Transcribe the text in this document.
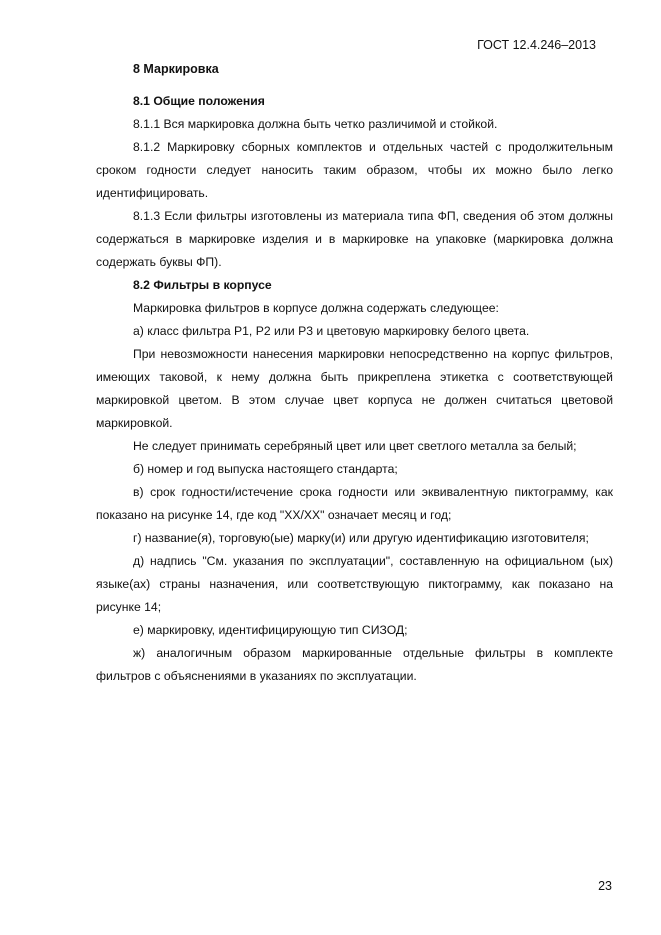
ГОСТ 12.4.246–2013
8 Маркировка
8.1 Общие положения

8.1.1 Вся маркировка должна быть четко различимой и стойкой.

8.1.2 Маркировку сборных комплектов и отдельных частей с продолжительным сроком годности следует наносить таким образом, чтобы их можно было легко идентифицировать.

8.1.3 Если фильтры изготовлены из материала типа ФП, сведения об этом должны содержаться в маркировке изделия и в маркировке на упаковке (маркировка должна содержать буквы ФП).

8.2 Фильтры в корпусе

Маркировка фильтров в корпусе должна содержать следующее:

а) класс фильтра Р1, Р2 или Р3 и цветовую маркировку белого цвета.

При невозможности нанесения маркировки непосредственно на корпус фильтров, имеющих таковой, к нему должна быть прикреплена этикетка с соответствующей маркировкой цветом. В этом случае цвет корпуса не должен считаться цветовой маркировкой.

Не следует принимать серебряный цвет или цвет светлого металла за белый;

б) номер и год выпуска настоящего стандарта;

в) срок годности/истечение срока годности или эквивалентную пиктограмму, как показано на рисунке 14, где код "XX/XX" означает месяц и год;

г) название(я), торговую(ые) марку(и) или другую идентификацию изготовителя;

д) надпись "См. указания по эксплуатации", составленную на официальном (ых) языке(ах) страны назначения, или соответствующую пиктограмму, как показано на рисунке 14;

е) маркировку, идентифицирующую тип СИЗОД;

ж) аналогичным образом маркированные отдельные фильтры в комплекте фильтров с объяснениями в указаниях по эксплуатации.

23
